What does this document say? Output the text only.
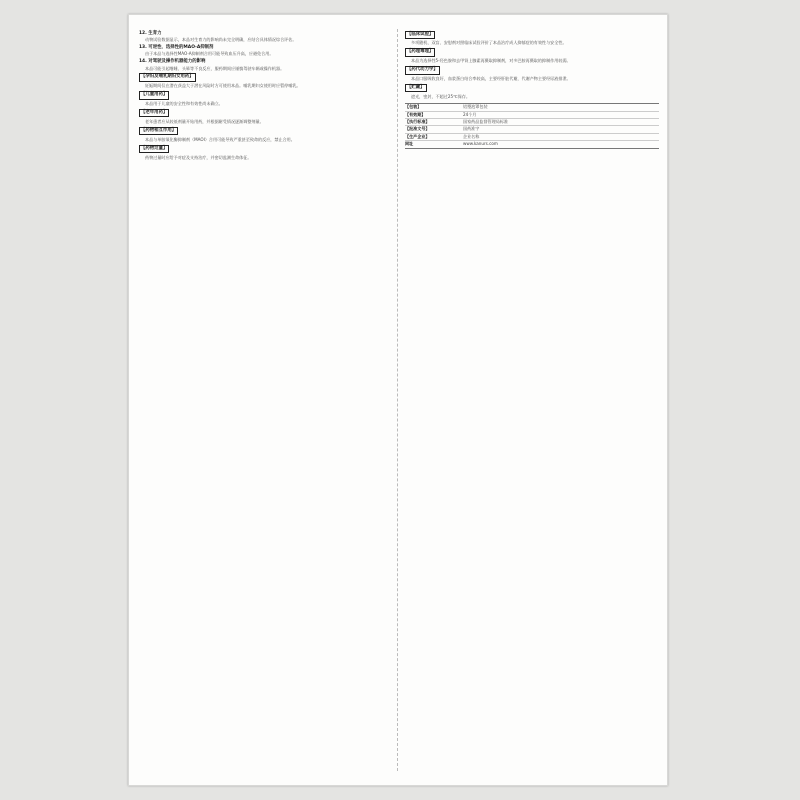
12. 生育力

动物试验数据显示，本品对生育力的影响尚未完全明确，应结合具体情况综合评估。

13. 可逆性、选择性的MAO-A抑制剂

由于本品与选择性MAO-A抑制剂合用可能导致血压升高，应避免合用。

14. 对驾驶及操作机器能力的影响

本品可能引起嗜睡、头晕等不良反应，服药期间应谨慎驾驶车辆或操作机器。

【孕妇及哺乳期妇女用药】

妊娠期间仅在潜在获益大于潜在风险时方可使用本品。哺乳期妇女使用时应暂停哺乳。

【儿童用药】

本品用于儿童的安全性和有效性尚未确立。

【老年用药】

老年患者应从较低剂量开始用药，并根据耐受情况逐渐调整剂量。

【药物相互作用】

本品与单胺氧化酶抑制剂（MAOI）合用可能导致严重甚至致命的反应，禁止合用。

【药物过量】

药物过量时应给予对症及支持治疗，并密切监测生命体征。

【临床试验】

多项随机、双盲、安慰剂对照临床试验评价了本品治疗成人抑郁症的有效性与安全性。

【药理毒理】

本品为选择性5-羟色胺和去甲肾上腺素再摄取抑制剂，对多巴胺再摄取的抑制作用较弱。

【药代动力学】

本品口服吸收良好，血浆蛋白结合率较高，主要经肝脏代谢，代谢产物主要经尿液排泄。

【贮藏】

遮光，密封，不超过25℃保存。

【包装】	铝塑泡罩包装
【有效期】	24个月
【执行标准】	国家药品监督管理局标准
【批准文号】	国药准字
【生产企业】	企业名称
网址	www.kanurs.com
